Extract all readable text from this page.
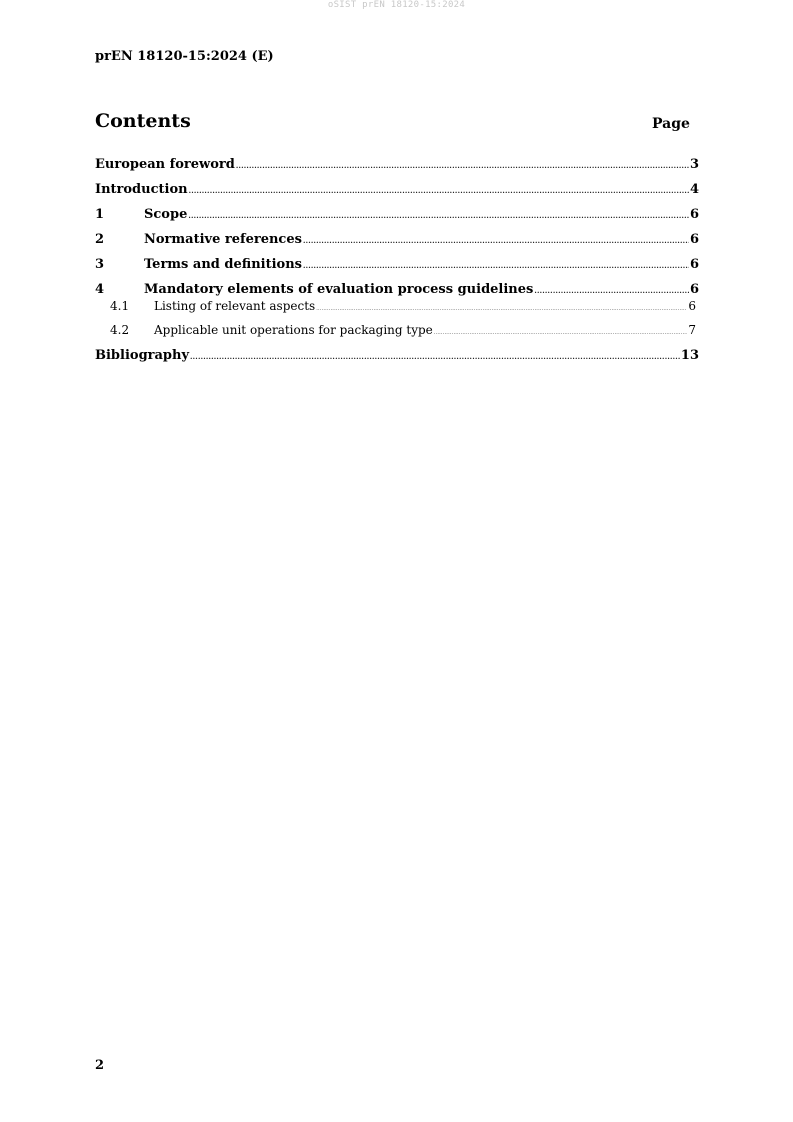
oSIST prEN 18120-15:2024
prEN 18120-15:2024 (E)
Contents	Page
European foreword .....	3
Introduction .....	4
1	Scope .....	6
2	Normative references .....	6
3	Terms and definitions .....	6
4	Mandatory elements of evaluation process guidelines .....	6
4.1	Listing of relevant aspects .....	6
4.2	Applicable unit operations for packaging type .....	7
Bibliography .....	13
2
